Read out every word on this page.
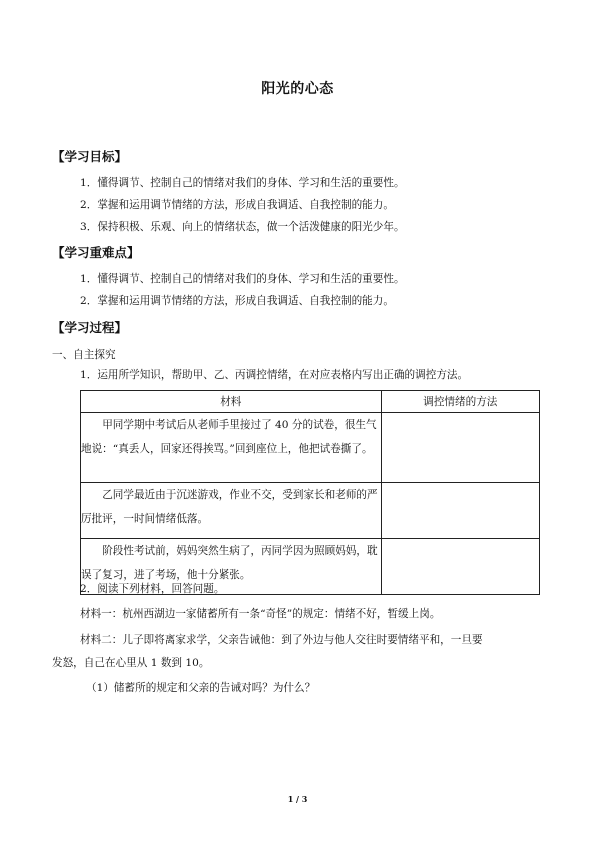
阳光的心态
【学习目标】
1．懂得调节、控制自己的情绪对我们的身体、学习和生活的重要性。
2．掌握和运用调节情绪的方法，形成自我调适、自我控制的能力。
3．保持积极、乐观、向上的情绪状态，做一个活泼健康的阳光少年。
【学习重难点】
1．懂得调节、控制自己的情绪对我们的身体、学习和生活的重要性。
2．掌握和运用调节情绪的方法，形成自我调适、自我控制的能力。
【学习过程】
一、自主探究
1．运用所学知识，帮助甲、乙、丙调控情绪，在对应表格内写出正确的调控方法。
材料	调控情绪的方法
甲同学期中考试后从老师手里接过了 40 分的试卷，很生气地说：“真丢人，回家还得挨骂。”回到座位上，他把试卷撕了。	
乙同学最近由于沉迷游戏，作业不交，受到家长和老师的严厉批评，一时间情绪低落。	
阶段性考试前，妈妈突然生病了，丙同学因为照顾妈妈，耽误了复习，进了考场，他十分紧张。	
2．阅读下列材料，回答问题。
材料一：杭州西湖边一家储蓄所有一条“奇怪”的规定：情绪不好，暂缓上岗。
材料二：儿子即将离家求学，父亲告诫他：到了外边与他人交往时要情绪平和，一旦要
发怒，自己在心里从 1 数到 10。
（1）储蓄所的规定和父亲的告诫对吗？为什么？
1 / 3
